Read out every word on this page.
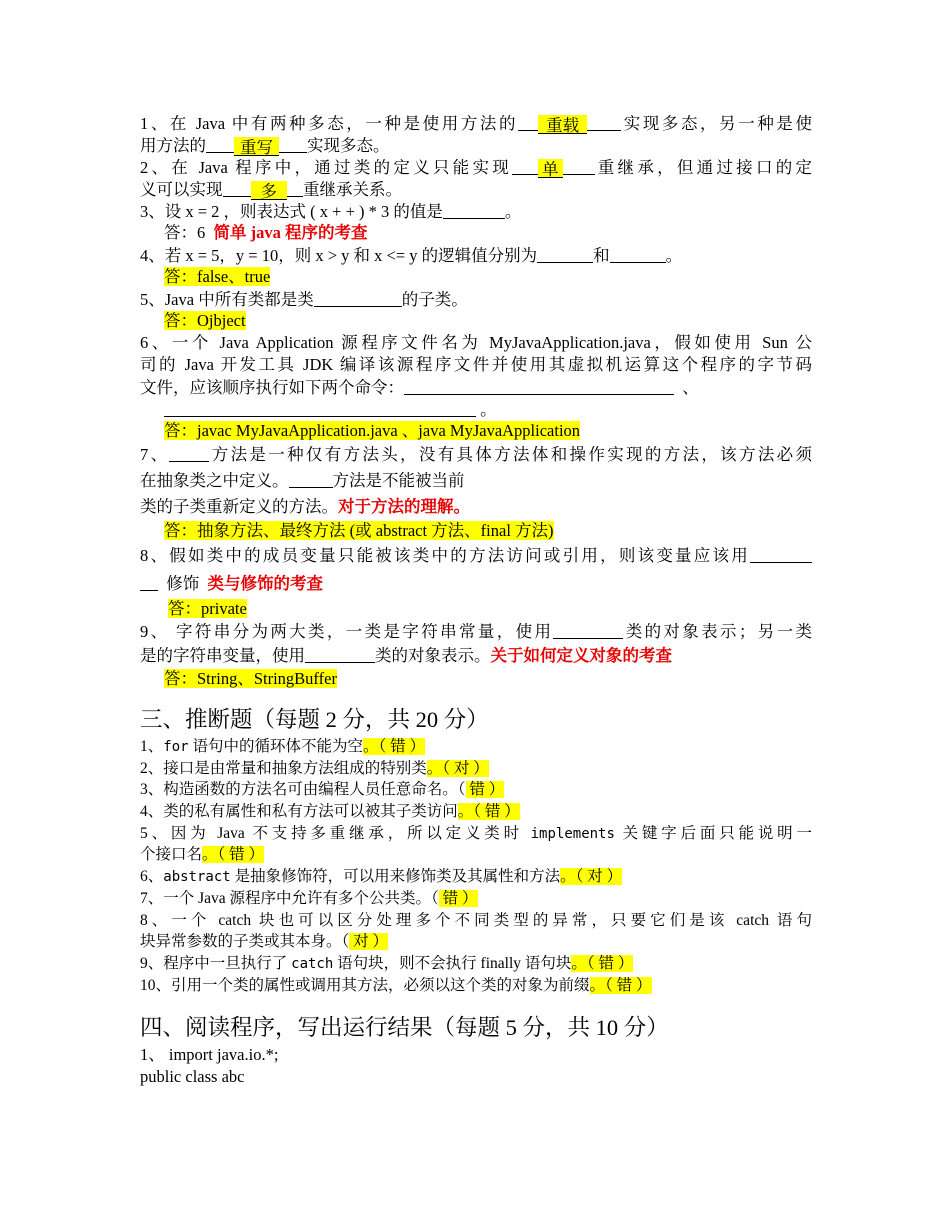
1、在 Java 中有两种多态，一种是使用方法的 重载	实现多态，另一种是使
用方法的 重写 实现多态。
2、在 Java 程序中，通过类的定义只能实现 单 重继承，但通过接口的定
义可以实现 多 重继承关系。
3、设 x = 2 ，则表达式 ( x + + ) * 3 的值是	。
答：6 简单 java 程序的考查
4、若 x = 5，y = 10，则 x > y 和 x <= y 的逻辑值分别为	和	。
答：false、true
5、Java 中所有类都是类	的子类。
答：Ojbject
6、一个 Java Application 源程序文件名为 MyJavaApplication.java，假如使用 Sun 公
司的 Java 开发工具 JDK 编译该源程序文件并使用其虚拟机运算这个程序的字节码
文件，应该顺序执行如下两个命令：	、
。
答：javac MyJavaApplication.java 、java MyJavaApplication
7、 方法是一种仅有方法头，没有具体方法体和操作实现的方法，该方法必须
在抽象类之中定义。	方法是不能被当前
类的子类重新定义的方法。对于方法的理解。
答：抽象方法、最终方法 (或 abstract 方法、final 方法)
8、假如类中的成员变量只能被该类中的方法访问或引用，则该变量应该用
修饰 类与修饰的考查
答：private
9、 字符串分为两大类，一类是字符串常量，使用	类的对象表示；另一类
是的字符串变量，使用	类的对象表示。关于如何定义对象的考查
答：String、StringBuffer
三、推断题（每题 2 分，共 20 分）
1、for 语句中的循环体不能为空。（ 错 ）
2、接口是由常量和抽象方法组成的特别类。（ 对 ）
3、构造函数的方法名可由编程人员任意命名。（ 错 ）
4、类的私有属性和私有方法可以被其子类访问。（ 错 ）
5、因为 Java 不支持多重继承，所以定义类时 implements 关键字后面只能说明一
个接口名。（ 错 ）
6、abstract 是抽象修饰符，可以用来修饰类及其属性和方法。（ 对 ）
7、一个 Java 源程序中允许有多个公共类。（ 错 ）
8、一个 catch 块也可以区分处理多个不同类型的异常，只要它们是该 catch 语句
块异常参数的子类或其本身。（ 对 ）
9、程序中一旦执行了 catch 语句块，则不会执行 finally 语句块。（ 错 ）
10、引用一个类的属性或调用其方法，必须以这个类的对象为前缀。（ 错 ）
四、阅读程序，写出运行结果（每题 5 分，共 10 分）
1、 import java.io.*;
public class abc
